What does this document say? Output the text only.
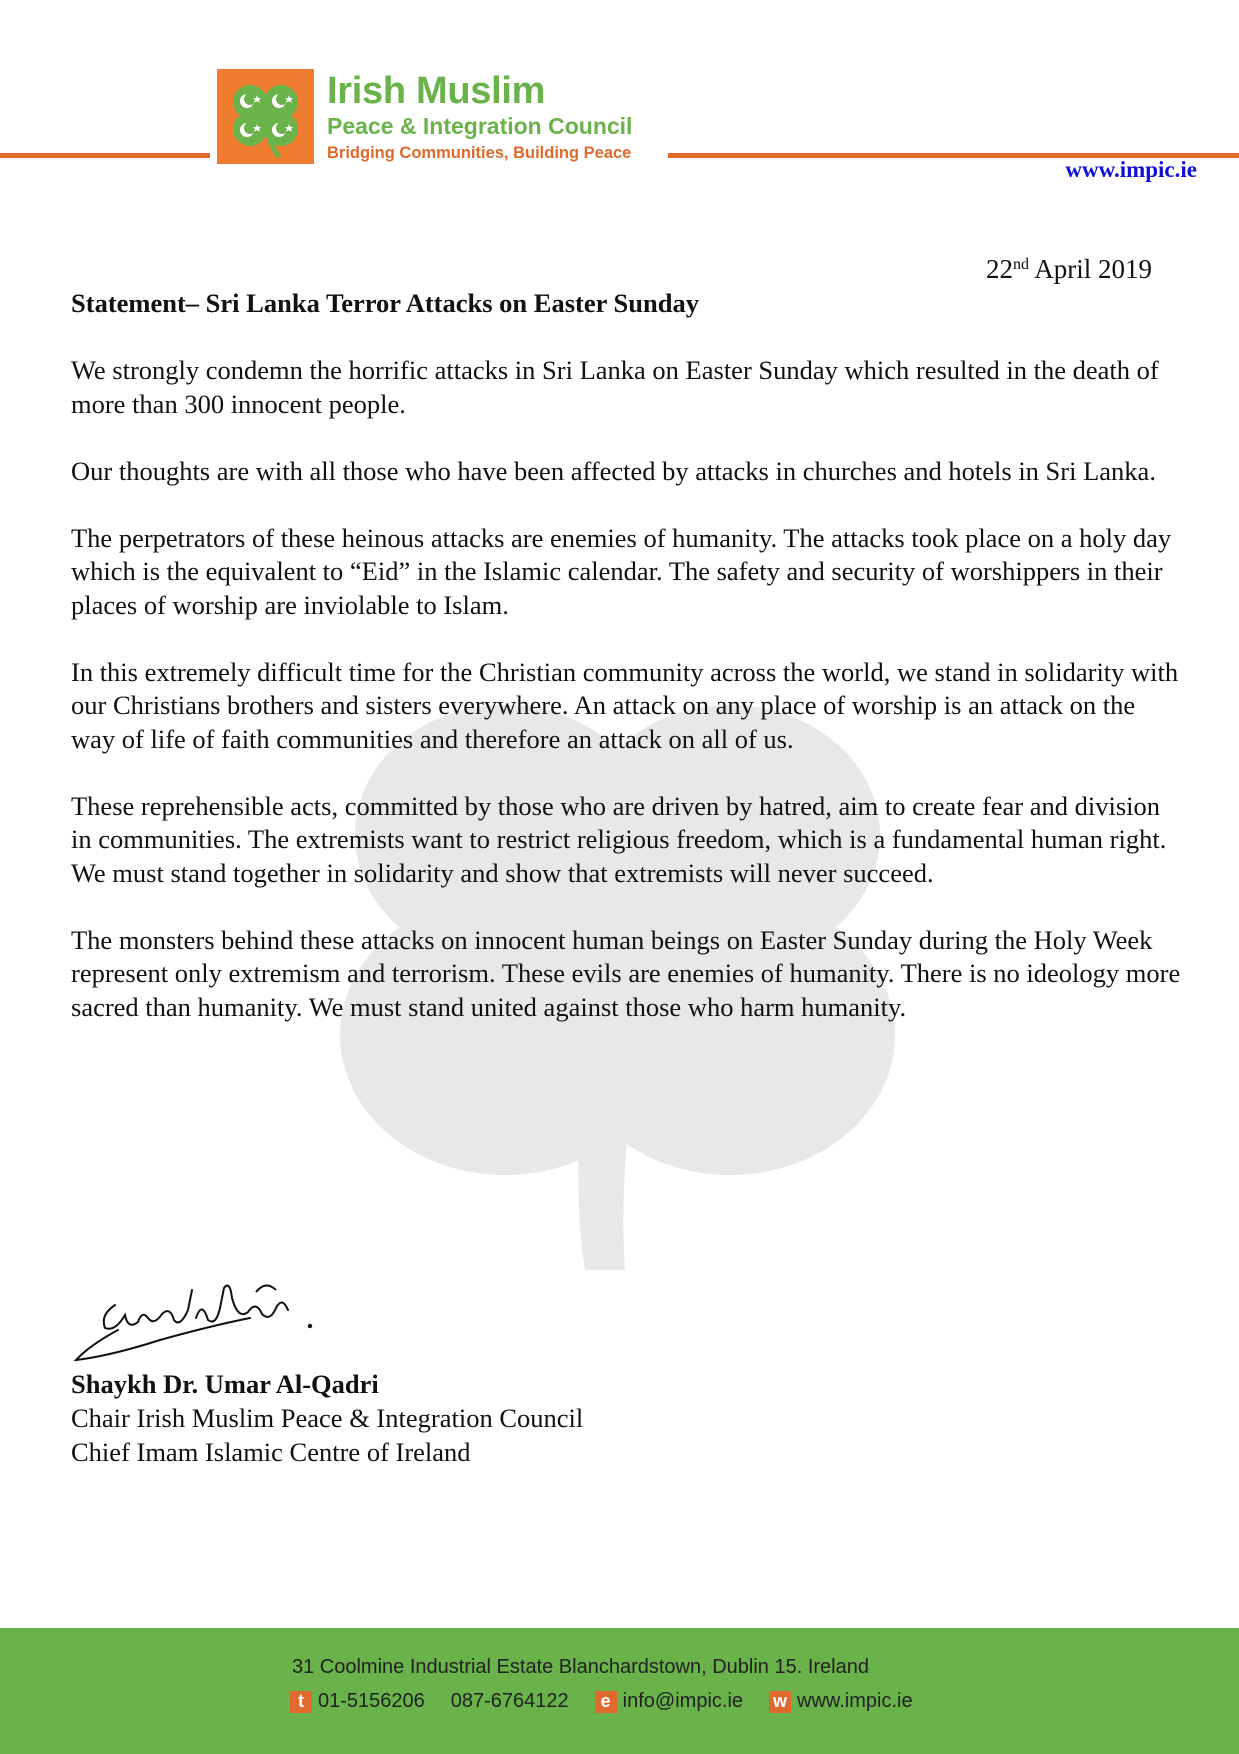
Irish Muslim
Peace & Integration Council
Bridging Communities, Building Peace
www.impic.ie
22nd April 2019
Statement– Sri Lanka Terror Attacks on Easter Sunday

We strongly condemn the horrific attacks in Sri Lanka on Easter Sunday which resulted in the death of more than 300 innocent people.

Our thoughts are with all those who have been affected by attacks in churches and hotels in Sri Lanka.

The perpetrators of these heinous attacks are enemies of humanity. The attacks took place on a holy day which is the equivalent to “Eid” in the Islamic calendar. The safety and security of worshippers in their places of worship are inviolable to Islam.

In this extremely difficult time for the Christian community across the world, we stand in solidarity with our Christians brothers and sisters everywhere. An attack on any place of worship is an attack on the way of life of faith communities and therefore an attack on all of us.

These reprehensible acts, committed by those who are driven by hatred, aim to create fear and division in communities. The extremists want to restrict religious freedom, which is a fundamental human right. We must stand together in solidarity and show that extremists will never succeed.

The monsters behind these attacks on innocent human beings on Easter Sunday during the Holy Week represent only extremism and terrorism. These evils are enemies of humanity. There is no ideology more sacred than humanity. We must stand united against those who harm humanity.

Shaykh Dr. Umar Al-Qadri
Chair Irish Muslim Peace & Integration Council
Chief Imam Islamic Centre of Ireland
31 Coolmine Industrial Estate Blanchardstown, Dublin 15. Ireland
t 01-5156206 087-6764122	e info@impic.ie w www.impic.ie
